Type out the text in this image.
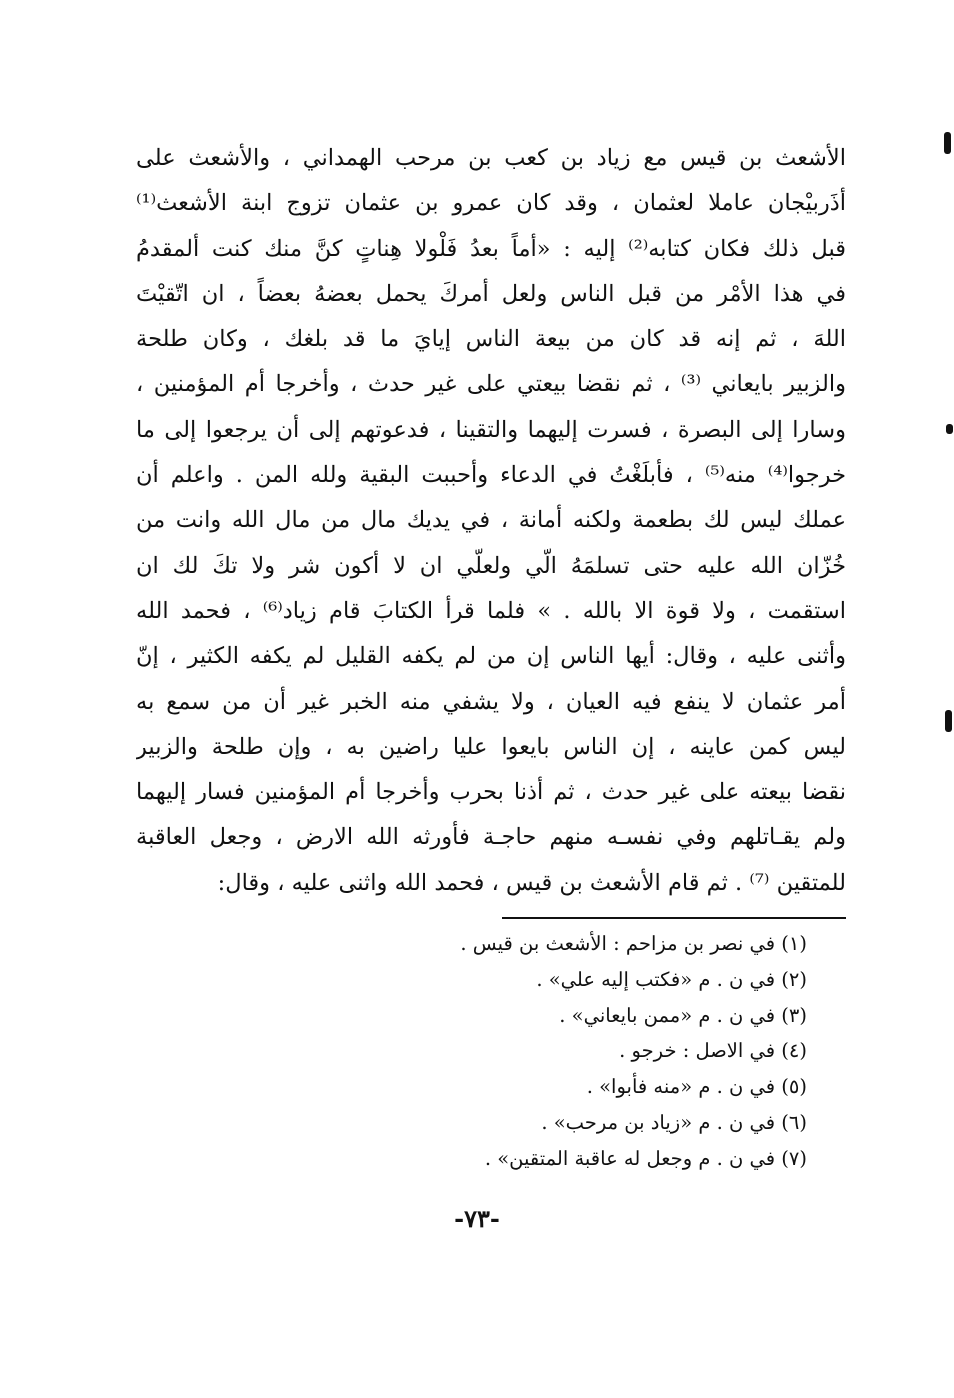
الأشعث بن قيس مع زياد بن كعب بن مرحب الهمداني ، والأشعث على
أذَربيْجان عاملا لعثمان ، وقد كان عمرو بن عثمان تزوج ابنة الأشعث⁽¹⁾
قبل ذلك فكان كتابه⁽²⁾ إليه : «أماً بعدُ فَلْولا هِناتٍ كنَّ منك كنت ألمقدمُ
في هذا الأمْر من قبل الناس ولعل أمركَ يحمل بعضهُ بعضاً ، ان اتّقيْتَ
اللهَ ، ثم إنه قد كان من بيعة الناس إيايَ ما قد بلغك ، وكان طلحة
والزبير بايعاني ⁽³⁾ ، ثم نقضا بيعتي على غير حدث ، وأخرجا أم المؤمنين ،
وسارا إلى البصرة ، فسرت إليهما والتقينا ، فدعوتهم إلى أن يرجعوا إلى ما
خرجوا⁽⁴⁾ منه⁽⁵⁾ ، فأبلَغْتُ في الدعاء وأحببت البقية ولله المن . واعلم أن
عملك ليس لك بطعمة ولكنه أمانة ، في يديك مال من مال الله وانت من
خُزّان الله عليه حتى تسلمَهُ الّي ولعلّي ان لا أكون شر ولا تكَ لك ان
استقمت ، ولا قوة الا بالله . » فلما قرأ الكتابَ قام زياد⁽⁶⁾ ، فحمد الله
وأثنى عليه ، وقال: أيها الناس إن من لم يكفه القليل لم يكفه الكثير ، إنّ
أمر عثمان لا ينفع فيه العيان ، ولا يشفي منه الخبر غير أن من سمع به
ليس كمن عاينه ، إن الناس بايعوا عليا راضين به ، وإن طلحة والزبير
نقضا بيعته على غير حدث ، ثم أذنا بحرب وأخرجا أم المؤمنين فسار إليهما
ولم يقـاتلهم وفي نفسـه منهم حاجـة فأورثه الله الارض ، وجعل العاقبة
للمتقين ⁽⁷⁾ . ثم قام الأشعث بن قيس ، فحمد الله واثنى عليه ، وقال:
(١) في نصر بن مزاحم : الأشعث بن قيس .
(٢) في ن . م «فكتب إليه علي» .
(٣) في ن . م «ممن بايعاني» .
(٤) في الاصل : خرجو .
(٥) في ن . م «منه فأبوا» .
(٦) في ن . م «زياد بن مرحب» .
(٧) في ن . م وجعل له عاقبة المتقين» .
-٧٣-
